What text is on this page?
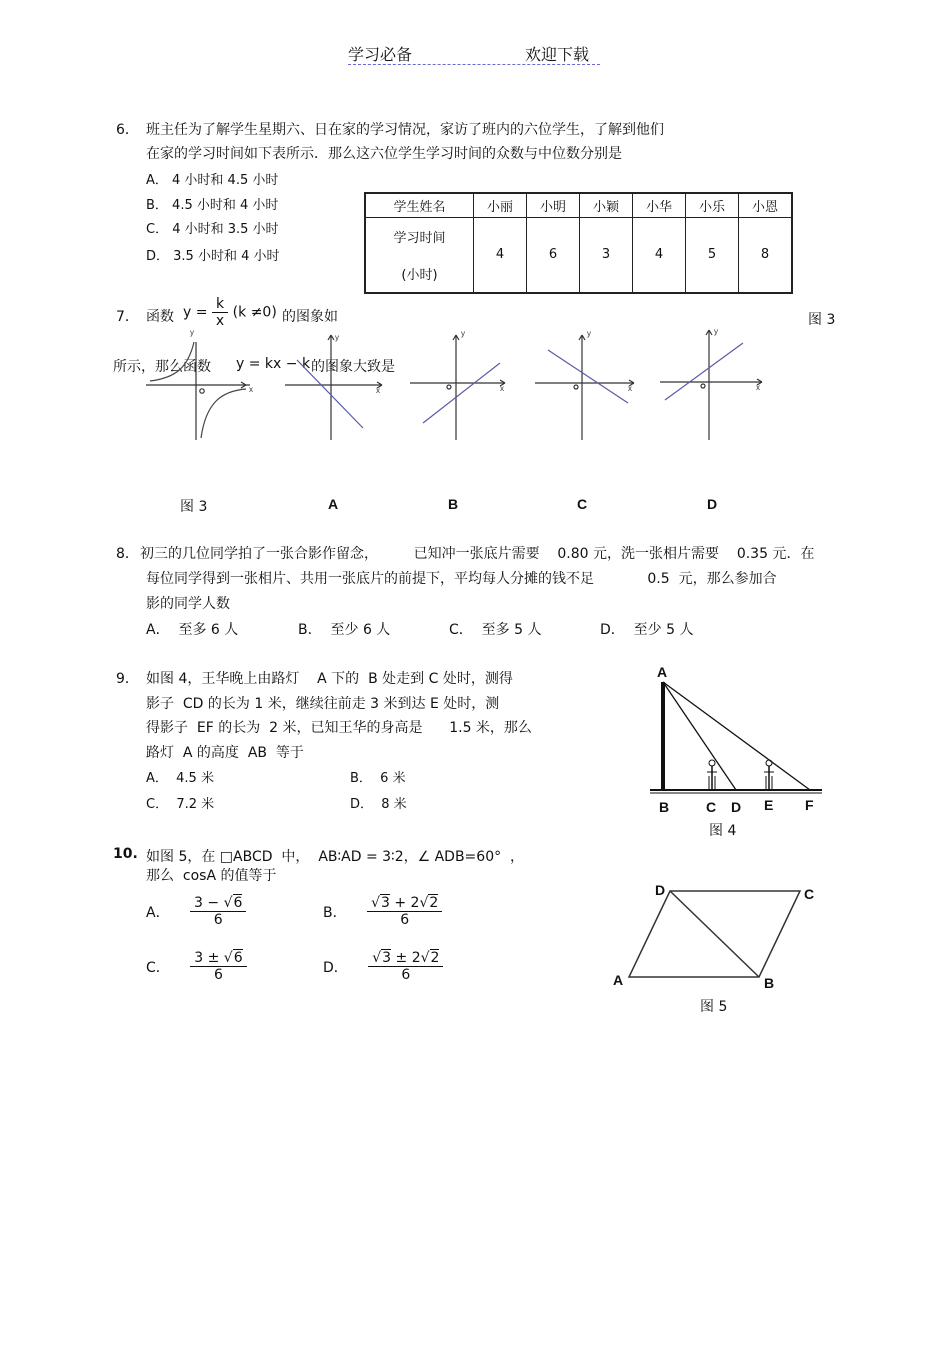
学习必备	欢迎下载
6． 班主任为了解学生星期六、日在家的学习情况，家访了班内的六位学生，了解到他们
在家的学习时间如下表所示．那么这六位学生学习时间的众数与中位数分别是
A． 4 小时和 4.5 小时
B． 4.5 小时和 4 小时
C． 4 小时和 3.5 小时
D． 3.5 小时和 4 小时
学生姓名	小丽	小明	小颖	小华	小乐	小恩

学习时间
(小时)	4	6	3	4	5	8
7． 函数 $y = \frac{k}{x} (k \ne 0)$ 的图象如	图 3
所示，那么函数 y = kx − k 的图象大致是
x
y
x
y
x
y
x
y
x
y
图 3	A	B	C	D
8． 初三的几位同学拍了一张合影作留念，        已知冲一张底片需要    0.80 元，洗一张相片需要    0.35 元．在
每位同学得到一张相片、共用一张底片的前提下，平均每人分摊的钱不足            0.5  元，那么参加合
影的同学人数
A．  至多 6 人	B．  至少 6 人	C．  至多 5 人	D．  至少 5 人
9． 如图 4，王华晚上由路灯    A 下的  B 处走到 C 处时，测得
影子  CD 的长为 1 米，继续往前走 3 米到达 E 处时，测
得影子  EF 的长为  2 米，已知王华的身高是      1.5 米，那么
路灯  A 的高度  AB  等于
A．  4.5 米	B．  6 米
C．  7.2 米	D．  8 米
A
B	C D E F
图 4
10. 如图 5，在 □ABCD  中，  AB∶AD = 3∶2，∠ ADB=60°  ，
那么  cosA 的值等于
A． $\frac{3 - √6}{6}$	B． $\frac{√3 + 2√2}{6}$
C． $\frac{3 \pm √6}{6}$	D． $\frac{√3 \pm 2√2}{6}$
D	C
A	B
图 5
